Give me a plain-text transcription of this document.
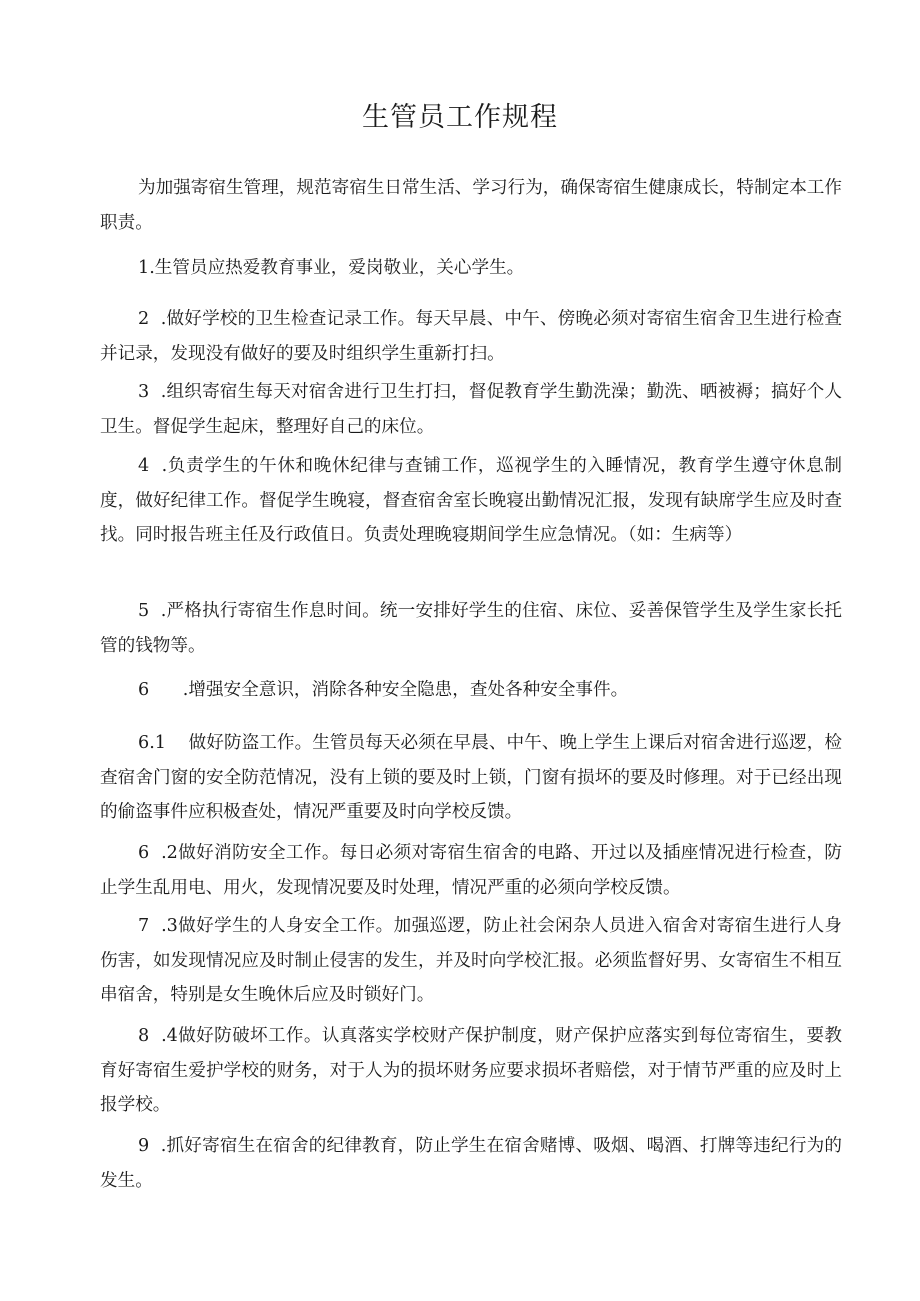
生管员工作规程

为加强寄宿生管理，规范寄宿生日常生活、学习行为，确保寄宿生健康成长，特制定本工作职责。

1.生管员应热爱教育事业，爱岗敬业，关心学生。

2  .做好学校的卫生检查记录工作。每天早晨、中午、傍晚必须对寄宿生宿舍卫生进行检查并记录，发现没有做好的要及时组织学生重新打扫。

3  .组织寄宿生每天对宿舍进行卫生打扫，督促教育学生勤洗澡；勤洗、晒被褥；搞好个人卫生。督促学生起床，整理好自己的床位。

4  .负责学生的午休和晚休纪律与查铺工作，巡视学生的入睡情况，教育学生遵守休息制度，做好纪律工作。督促学生晚寝，督查宿舍室长晚寝出勤情况汇报，发现有缺席学生应及时查找。同时报告班主任及行政值日。负责处理晚寝期间学生应急情况。（如：生病等）

5  .严格执行寄宿生作息时间。统一安排好学生的住宿、床位、妥善保管学生及学生家长托管的钱物等。

6      .增强安全意识，消除各种安全隐患，查处各种安全事件。

6.1    做好防盗工作。生管员每天必须在早晨、中午、晚上学生上课后对宿舍进行巡逻，检查宿舍门窗的安全防范情况，没有上锁的要及时上锁，门窗有损坏的要及时修理。对于已经出现的偷盗事件应积极查处，情况严重要及时向学校反馈。

6  .2做好消防安全工作。每日必须对寄宿生宿舍的电路、开过以及插座情况进行检查，防止学生乱用电、用火，发现情况要及时处理，情况严重的必须向学校反馈。

7  .3做好学生的人身安全工作。加强巡逻，防止社会闲杂人员进入宿舍对寄宿生进行人身伤害，如发现情况应及时制止侵害的发生，并及时向学校汇报。必须监督好男、女寄宿生不相互串宿舍，特别是女生晚休后应及时锁好门。

8  .4做好防破坏工作。认真落实学校财产保护制度，财产保护应落实到每位寄宿生，要教育好寄宿生爱护学校的财务，对于人为的损坏财务应要求损坏者赔偿，对于情节严重的应及时上报学校。

9  .抓好寄宿生在宿舍的纪律教育，防止学生在宿舍赌博、吸烟、喝酒、打牌等违纪行为的发生。
